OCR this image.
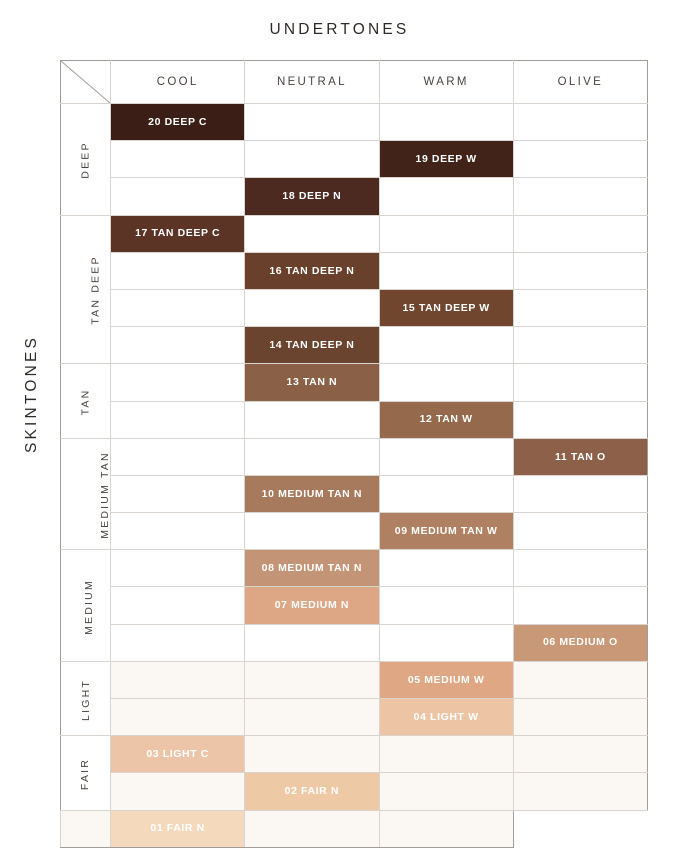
UNDERTONES
SKINTONES
	COOL	NEUTRAL	WARM	OLIVE
DEEP	20 DEEP C			

			19 DEEP W	

		18 DEEP N		

TAN DEEP	17 TAN DEEP C			

		16 TAN DEEP N		

			15 TAN DEEP W	

		14 TAN DEEP N		

TAN		13 TAN N		

			12 TAN W	

MEDIUM TAN				11 TAN O

		10 MEDIUM TAN N		

			09 MEDIUM TAN W	

MEDIUM		08 MEDIUM TAN N		

		07 MEDIUM N		

				06 MEDIUM O

LIGHT			05 MEDIUM W	

			04 LIGHT W	

FAIR	03 LIGHT C			

		02 FAIR N		

	01 FAIR N			
